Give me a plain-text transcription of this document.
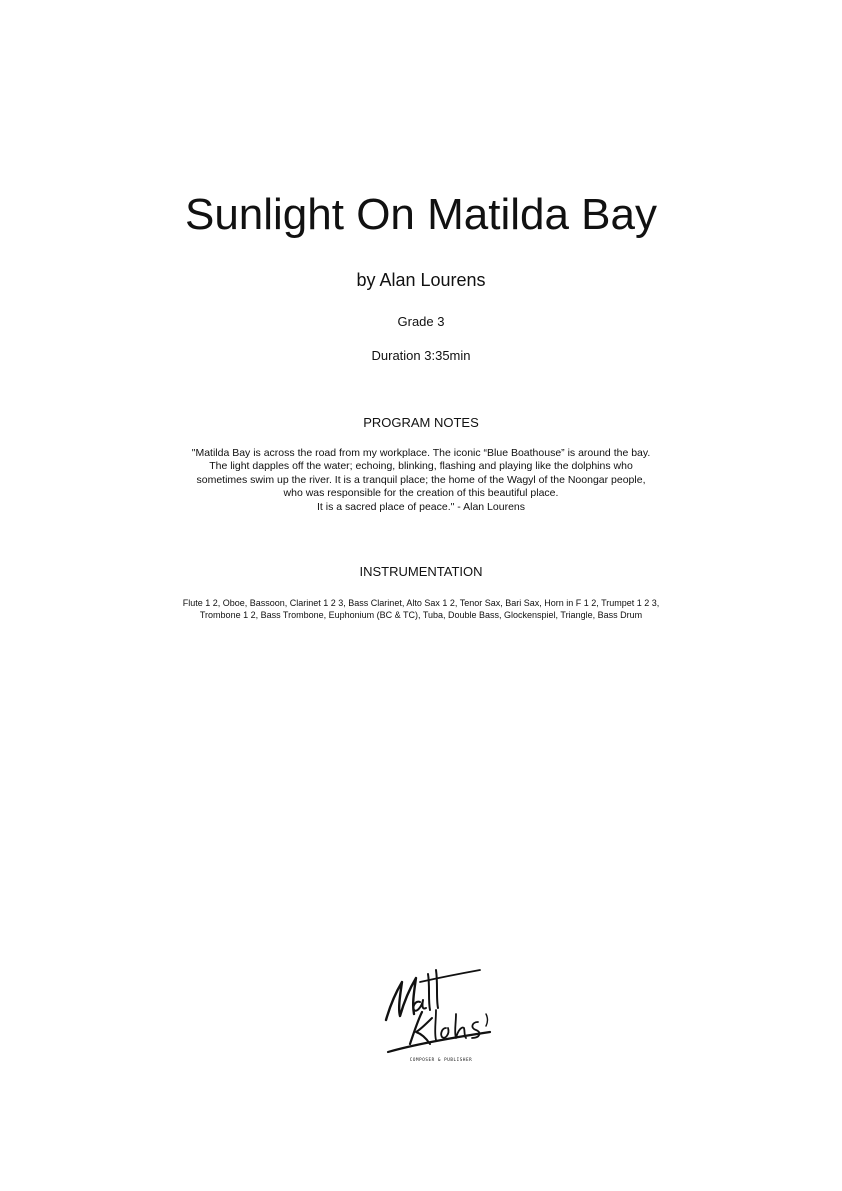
Sunlight On Matilda Bay
by Alan Lourens
Grade 3
Duration 3:35min
PROGRAM NOTES
"Matilda Bay is across the road from my workplace. The iconic “Blue Boathouse” is around the bay.
The light dapples off the water; echoing, blinking, flashing and playing like the dolphins who
sometimes swim up the river. It is a tranquil place; the home of the Wagyl of the Noongar people,
who was responsible for the creation of this beautiful place.
It is a sacred place of peace." - Alan Lourens
INSTRUMENTATION
Flute 1 2, Oboe, Bassoon, Clarinet 1 2 3, Bass Clarinet, Alto Sax 1 2, Tenor Sax, Bari Sax, Horn in F 1 2, Trumpet 1 2 3,
Trombone 1 2, Bass Trombone, Euphonium (BC & TC), Tuba, Double Bass, Glockenspiel, Triangle, Bass Drum
COMPOSER & PUBLISHER
